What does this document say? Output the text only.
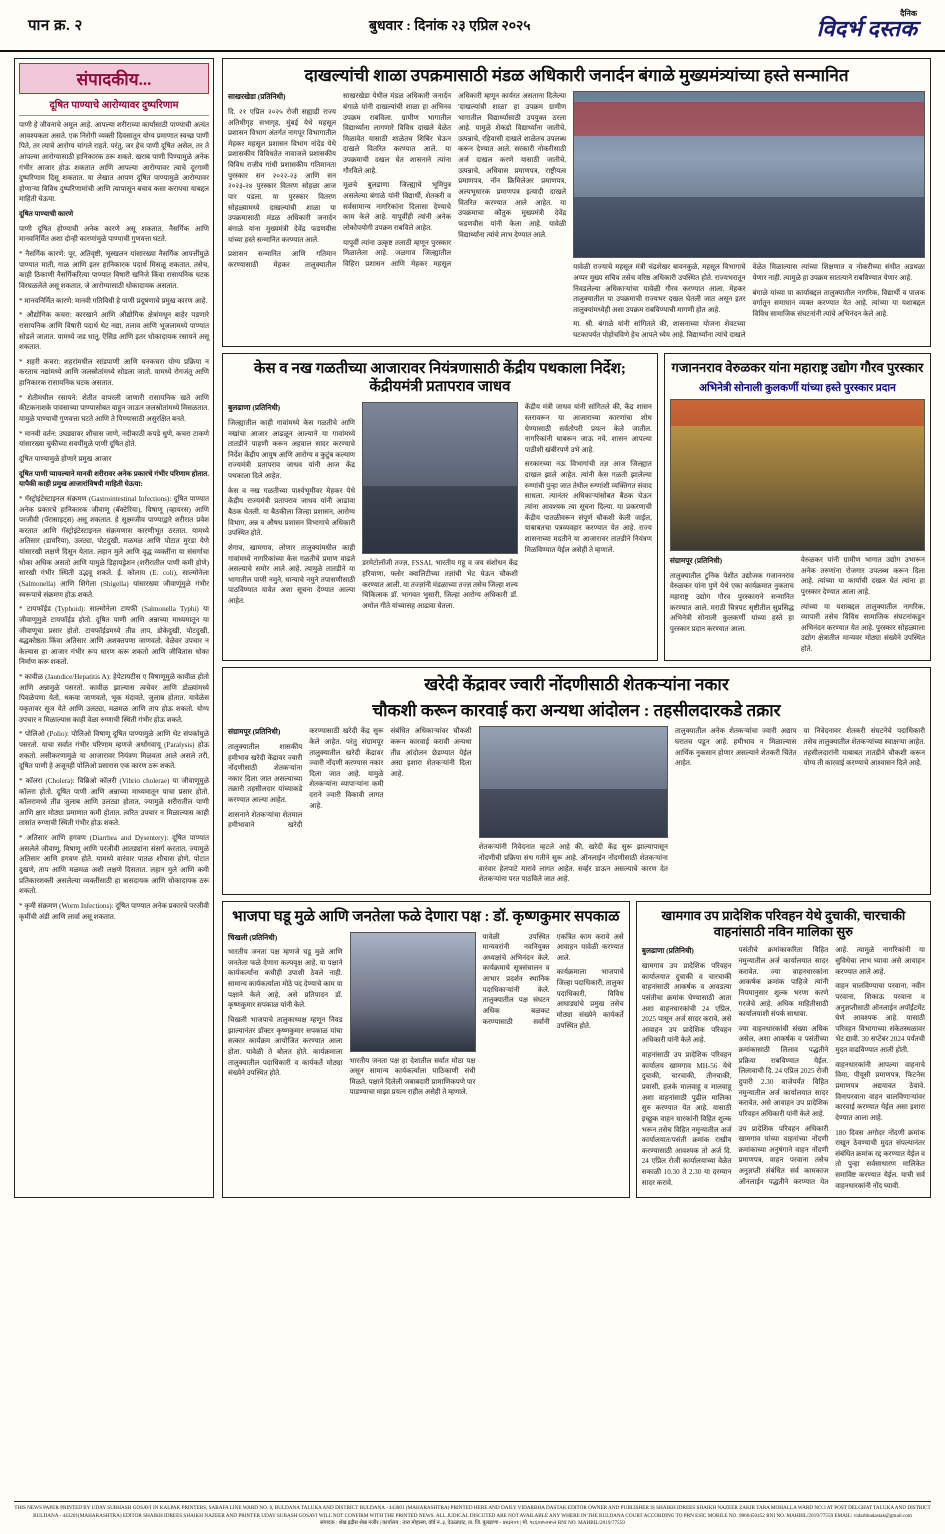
पान क्र. २	बुधवार : दिनांक २३ एप्रिल २०२५
दैनिक
विदर्भ दस्तक
संपादकीय...
दूषित पाण्याचे आरोग्यावर दुष्परिणाम

पाणी हे जीवनाचे अमूल आहे. आपल्या शरीराच्या कार्यांसाठी पाण्याची अत्यंत आवश्यकता असते. एक निरोगी व्यक्ती दिवसातून योग्य प्रमाणात स्वच्छ पाणी पिते, तर त्याचे आरोग्य चांगले राहते. परंतु, जर हेच पाणी दूषित असेल, तर ते आपल्या आरोग्यासाठी हानिकारक ठरू शकते. खराब पाणी पिण्यामुळे अनेक गंभीर आजार होऊ शकतात आणि आपल्या आरोग्यावर त्याचे दूरगामी दुष्परिणाम दिसू शकतात. या लेखात आपण दूषित पाण्यामुळे आरोग्यावर होणाऱ्या विविध दुष्परिणामांची आणि त्यापासून बचाव कसा करायचा याबद्दल माहिती घेऊया.

दूषित पाण्याची कारणे

पाणी दूषित होण्याची अनेक कारणे असू शकतात. नैसर्गिक आणि मानवनिर्मित अशा दोन्ही कारणांमुळे पाण्याची गुणवत्ता घटते.

* नैसर्गिक कारणे: पूर, अतिवृष्टी, भूस्खलन यांसारख्या नैसर्गिक आपत्तींमुळे पाण्यात माती, गाळ आणि इतर हानिकारक पदार्थ मिसळू शकतात. तसेच, काही ठिकाणी नैसर्गिकरित्या पाण्यात विषारी खनिजे किंवा रासायनिक घटक विरघळलेले असू शकतात, जे आरोग्यासाठी धोकादायक असतात.

* मानवनिर्मित कारणे: मानवी गतिविधी हे पाणी प्रदूषणाचे प्रमुख कारण आहे.

* औद्योगिक कचरा: कारखाने आणि औद्योगिक क्षेत्रांमधून बाहेर पडणारे रासायनिक आणि विषारी पदार्थ थेट नद्या, तलाव आणि भूजलामध्ये पाण्यात सोडले जातात. यामध्ये जड धातू, ऍसिड आणि इतर धोकादायक रसायने असू शकतात.

* शहरी कचरा: शहरांमधील सांडपाणी आणि घनकचरा योग्य प्रक्रिया न करताच नद्यांमध्ये आणि जलस्रोतांमध्ये सोडला जातो. यामध्ये रोगजंतू आणि हानिकारक रासायनिक घटक असतात.

* शेतीमधील रसायने: शेतीत वापरली जाणारी रासायनिक खते आणि कीटकनाशके पावसाच्या पाण्यासोबत वाहून जाऊन जलस्रोतांमध्ये मिसळतात. यामुळे पाण्याची गुणवत्ता घटते आणि ते पिण्यासाठी असुरक्षित बनते.

* मानवी वर्तन: उघड्यावर शौचास जाणे, नदीकाठी कपडे धुणे, कचरा टाकणे यांसारख्या चुकीच्या सवयींमुळे पाणी दूषित होते.

दूषित पाण्यामुळे होणारे प्रमुख आजार

दूषित पाणी प्यायल्याने मानवी शरीरावर अनेक प्रकारचे गंभीर परिणाम होतात. यापैकी काही प्रमुख आजारांविषयी माहिती घेऊया:

* गॅस्ट्रोइंटेस्टाइनल संक्रमण (Gastrointestinal Infections): दूषित पाण्यात अनेक प्रकारचे हानिकारक जीवाणू (बॅक्टेरिया), विषाणू (व्हायरस) आणि परजीवी (पॅरासाइट्स) असू शकतात. हे सूक्ष्मजीव पाण्याद्वारे शरीरात प्रवेश करतात आणि गॅस्ट्रोइंटेस्टाइनल संक्रमणास कारणीभूत ठरतात. यामध्ये अतिसार (डायरिया), उलट्या, पोटदुखी, मळमळ आणि पोटात मुरडा येणे यांसारखी लक्षणे दिसून येतात. लहान मुले आणि वृद्ध व्यक्तींना या संसर्गाचा धोका अधिक असतो आणि यामुळे डिहायड्रेशन (शरीरातील पाणी कमी होणे) सारखी गंभीर स्थिती उद्भवू शकते. ई. कोलाय (E. coli), साल्मोनेला (Salmonella) आणि शिगेला (Shigella) यांसारख्या जीवाणूंमुळे गंभीर स्वरूपाचे संक्रमण होऊ शकते.

* टायफॉईड (Typhoid): साल्मोनेला टायफी (Salmonella Typhi) या जीवाणूमुळे टायफॉईड होतो. दूषित पाणी आणि अन्नाच्या माध्यमातून या जीवाणूचा प्रसार होतो. टायफॉईडमध्ये तीव्र ताप, डोकेदुखी, पोटदुखी, बद्धकोष्ठता किंवा अतिसार आणि अशक्तपणा जाणवतो. वेळेवर उपचार न केल्यास हा आजार गंभीर रूप धारण करू शकतो आणि जीवितास धोका निर्माण करू शकतो.

* कावीळ (Jaundice/Hepatitis A): हेपेटायटीस ए विषाणूमुळे कावीळ होतो आणि अन्नामुळे पसरतो. कावीळ झाल्यास त्वचेवर आणि डोळ्यांमध्ये पिवळेपणा येतो, थकवा जाणवतो, भूक मंदावते, जुलाब होतात. यावेळेस यकृतावर सूज येते आणि उलट्या, मळमळ आणि ताप होऊ शकतो. योग्य उपचार न मिळाल्यास काही वेळा रुग्णाची स्थिती गंभीर होऊ शकते.

* पोलिओ (Polio): पोलिओ विषाणू दूषित पाण्यामुळे आणि थेट संपर्कामुळे पसरतो. याचा सर्वात गंभीर परिणाम म्हणजे अर्धांगवायू (Paralysis) होऊ शकतो. लसीकरणामुळे या आजारावर नियंत्रण मिळवता आले असले तरी, दूषित पाणी हे अजूनही पोलिओ प्रसारास एक कारण ठरू शकते.

* कॉलरा (Cholera): विब्रिओ कॉलरी (Vibrio cholerae) या जीवाणूमुळे कॉलरा होतो. दूषित पाणी आणि अन्नाच्या माध्यमातून याचा प्रसार होतो. कॉलरामध्ये तीव्र जुलाब आणि उलट्या होतात, ज्यामुळे शरीरातील पाणी आणि क्षार मोठ्या प्रमाणात कमी होतात. त्वरित उपचार न मिळाल्यास काही तासांत रुग्णाची स्थिती गंभीर होऊ शकते.

* अतिसार आणि हगवण (Diarrhea and Dysentery): दूषित पाण्यात असलेले जीवाणू, विषाणू आणि परजीवी आतड्यांना संसर्ग करतात, ज्यामुळे अतिसार आणि हगवण होते. यामध्ये वारंवार पातळ शौचास होणे, पोटात दुखणे, ताप आणि मळमळ अशी लक्षणे दिसतात. लहान मुले आणि कमी प्रतिकारशक्ती असलेल्या व्यक्तींसाठी हा त्रासदायक आणि धोकादायक ठरू शकतो.

* कृमी संक्रमण (Worm Infections): दूषित पाण्यात अनेक प्रकारचे परजीवी कृमींची अंडी आणि लार्वा असू शकतात.

दाखल्यांची शाळा उपक्रमासाठी मंडळ अधिकारी जनार्दन बंगाळे मुख्यमंत्र्यांच्या हस्ते सन्मानित

साखरखेडा (प्रतिनिधी)

दि. २१ एप्रिल २०२५ रोजी सह्याद्री राज्य अतिथीगृह सभागृह, मुंबई येथे महसूल प्रशासन विभाग अंतर्गत नागपूर विभागातील मेहकर महसूल प्रशासन विभाग नांदेड येथे प्रशासकीय विविधतेत नावाजले प्रशासकीय विविध राजीव गांधी प्रशासकीय गतिमानता पुरस्कार सन २०२२-२३ आणि सन २०२३-२४ पुरस्कार वितरण सोहळा आज पार पडला. या पुरस्कार वितरण सोहळ्यामध्ये दाखल्यांची शाळा या उपक्रमासाठी मंडळ अधिकारी जनार्दन बंगाळे यांना मुख्यमंत्री देवेंद्र फडणवीस यांच्या हस्ते सन्मानित करण्यात आले.

प्रशासन सन्मानित आणि गतिमान करण्यासाठी मेहकर तालुक्यातील साखरखेडा येथील मंडळ अधिकारी जनार्दन बंगाळे यांनी दाखल्यांची शाळा हा अभिनव उपक्रम राबविला. ग्रामीण भागातील विद्यार्थ्यांना लागणारे विविध दाखले वेळेत मिळावेत यासाठी शाळेतच शिबिर घेऊन दाखले वितरित करण्यात आले. या उपक्रमाची दखल घेत शासनाने त्यांना गौरविले आहे.

मूळचे बुलढाणा जिल्ह्याचे भूमिपुत्र असलेल्या बंगाळे यांनी विद्यार्थी, शेतकरी व सर्वसामान्य नागरिकांना दिलासा देण्याचे काम केले आहे. यापूर्वीही त्यांनी अनेक लोकोपयोगी उपक्रम राबविले आहेत.

यापूर्वी त्यांना उत्कृष्ट तलाठी म्हणून पुरस्कार मिळालेला आहे. जळगाव जिल्ह्यातील विहिरा प्रशासन आणि मेहकर महसूल अधिकारी म्हणून कार्यरत असताना दिलेल्या 'दाखल्यांची शाळा' हा उपक्रम ग्रामीण भागातील विद्यार्थ्यांसाठी उपयुक्त ठरला आहे. यामुळे शेकडो विद्यार्थ्यांना जातीचे, उत्पन्नाचे, रहिवासी दाखले शाळेतच उपलब्ध करून देण्यात आले. सरकारी नोकरीसाठी अर्ज दाखल करणे यासाठी जातीचे, उत्पन्नाचे, अधिवास प्रमाणपत्र, राष्ट्रीयत्व प्रमाणपत्र, नॉन क्रिमिलेअर प्रमाणपत्र, अल्पभूधारक प्रमाणपत्र इत्यादी दाखले वितरित करण्यात आले आहेत. या उपक्रमाचा कौतुक मुख्यमंत्री देवेंद्र फडणवीस यांनी केला आहे. यावेळी विद्यार्थ्यांना त्यांचे लाभ देण्यात आले.

यावेळी राज्याचे महसूल मंत्री चंद्रशेखर बावनकुळे, महसूल विभागाचे अप्पर मुख्य सचिव तसेच वरिष्ठ अधिकारी उपस्थित होते. राज्यभरातून निवडलेल्या अधिकाऱ्यांचा यावेळी गौरव करण्यात आला. मेहकर तालुक्यातील या उपक्रमाची राज्यभर दखल घेतली जात असून इतर तालुक्यांमध्येही असा उपक्रम राबविण्याची मागणी होत आहे.

मा. श्री. बंगाळे यांनी सांगितले की, शासनाच्या योजना शेवटच्या घटकापर्यंत पोहोचविणे हेच आपले ध्येय आहे. विद्यार्थ्यांना त्यांचे दाखले वेळेत मिळाल्यास त्यांच्या शिक्षणात व नोकरीच्या संधीत अडथळा येणार नाही. त्यामुळे हा उपक्रम सातत्याने राबविण्यात येणार आहे.

बंगाळे यांच्या या कार्याबद्दल तालुक्यातील नागरिक, विद्यार्थी व पालक वर्गातून समाधान व्यक्त करण्यात येत आहे. त्यांच्या या यशाबद्दल विविध सामाजिक संघटनांनी त्यांचे अभिनंदन केले आहे.

केस व नख गळतीच्या आजारावर नियंत्रणासाठी केंद्रीय पथकाला निर्देश; केंद्रीयमंत्री प्रतापराव जाधव

बुलढाणा (प्रतिनिधी)

जिल्ह्यातील काही गावांमध्ये केस गळतीचे आणि नखांचा आजार आढळून आल्याने या गावांमध्ये तातडीने पाहणी करून अहवाल सादर करण्याचे निर्देश केंद्रीय आयुष आणि आरोग्य व कुटुंब कल्याण राज्यमंत्री प्रतापराव जाधव यांनी आज केंद्र पथकाला दिले आहेत.

केस व नख गळतीच्या पार्श्वभूमीवर मेहकर येथे केंद्रीय राज्यमंत्री प्रतापराव जाधव यांनी आढावा बैठक घेतली. या बैठकीला जिल्हा प्रशासन, आरोग्य विभाग, अन्न व औषध प्रशासन विभागाचे अधिकारी उपस्थित होते.

शेगाव, खामगाव, लोणार तालुक्यांमधील काही गावांमध्ये नागरिकांच्या केस गळतीचे प्रमाण वाढले असल्याचे समोर आले आहे. त्यामुळे तातडीने या भागातील पाणी नमुने, धान्याचे नमुने तपासणीसाठी पाठविण्यात यावेत अशा सूचना देण्यात आल्या आहेत.

डरमेटोलॉजी तज्ज्ञ, FSSAI, भारतीय गहू व जव संशोधन केंद्र हरियाणा, फ्लोर क्वालिटीच्या तज्ञांची भेट घेऊन चौकशी करण्यात आली. या तज्ज्ञांनी मंडळाच्या तज्ज्ञ तसेच जिल्हा शल्य चिकित्सक डॉ. भागवत भुसारी, जिल्हा आरोग्य अधिकारी डॉ. अमोल गीते यांच्यासह आढावा घेतला.

केंद्रीय मंत्री जाधव यांनी सांगितले की, केंद्र शासन स्तरावरून या आजाराच्या कारणांचा शोध घेण्यासाठी सर्वतोपरी प्रयत्न केले जातील. नागरिकांनी घाबरून जाऊ नये. शासन आपल्या पाठीशी खंबीरपणे उभे आहे.

सरकारच्या नऊ विभागांची तज्ञ आज जिल्ह्यात दाखल झाले आहेत. त्यांनी केस गळती झालेल्या रुग्णांची पुन्हा जात तेथील रुग्णांशी व्यक्तिगत संवाद साधला. त्यानंतर अधिकाऱ्यांसोबत बैठक घेऊन त्यांना आवश्यक त्या सूचना दिल्या. या प्रकरणाची केंद्रीय पातळीवरून संपूर्ण चौकशी केली जाईल, याबाबतचा पत्रव्यवहार करण्यात येत आहे. राज्य शासनाच्या मदतीने या आजारावर तातडीने नियंत्रण मिळविण्यात येईल असेही ते म्हणाले.

गजाननराव वेरुळकर यांना महाराष्ट्र उद्योग गौरव पुरस्कार
अभिनेत्री सोनाली कुलकर्णी यांच्या हस्ते पुरस्कार प्रदान

संग्रामपूर (प्रतिनिधी)

तालुक्यातील टुनिक पेशीत उद्योजक गजाननराव वेरुळकर यांना पुणे येथे एका कार्यक्रमात नुकताच महाराष्ट्र उद्योग गौरव पुरस्काराने सन्मानित करण्यात आले. मराठी चित्रपट सृष्टीतील सुप्रसिद्ध अभिनेत्री सोनाली कुलकर्णी यांच्या हस्ते हा पुरस्कार प्रदान करण्यात आला.

वेरुळकर यांनी ग्रामीण भागात उद्योग उभारून अनेक तरुणांना रोजगार उपलब्ध करून दिला आहे. त्यांच्या या कार्याची दखल घेत त्यांना हा पुरस्कार देण्यात आला आहे.

त्यांच्या या यशाबद्दल तालुक्यातील नागरिक, व्यापारी तसेच विविध सामाजिक संघटनांकडून अभिनंदन करण्यात येत आहे. पुरस्कार सोहळ्याला उद्योग क्षेत्रातील मान्यवर मोठ्या संख्येने उपस्थित होते.

खरेदी केंद्रावर ज्वारी नोंदणीसाठी शेतकऱ्यांना नकार
चौकशी करून कारवाई करा अन्यथा आंदोलन : तहसीलदारकडे तक्रार

संग्रामपूर (प्रतिनिधी)

तालुक्यातील शासकीय हमीभाव खरेदी केंद्रावर ज्वारी नोंदणीसाठी शेतकऱ्यांना नकार दिला जात असल्याच्या तक्रारी तहसीलदार यांच्याकडे करण्यात आल्या आहेत.

शासनाने शेतकऱ्यांचा शेतमाल हमीभावाने खरेदी करण्यासाठी खरेदी केंद्र सुरू केले आहेत. परंतु संग्रामपूर तालुक्यातील खरेदी केंद्रावर ज्वारी नोंदणी करण्यास नकार दिला जात आहे. यामुळे शेतकऱ्यांना व्यापाऱ्यांना कमी दराने ज्वारी विकावी लागत आहे.

संबंधित अधिकाऱ्यांवर चौकशी करून कारवाई करावी अन्यथा तीव्र आंदोलन छेडण्यात येईल असा इशारा शेतकऱ्यांनी दिला आहे.

शेतकऱ्यांनी निवेदनात म्हटले आहे की, खरेदी केंद्र सुरू झाल्यापासून नोंदणीची प्रक्रिया संथ गतीने सुरू आहे. ऑनलाईन नोंदणीसाठी शेतकऱ्यांना वारंवार हेलपाटे मारावे लागत आहेत. सर्व्हर डाऊन असल्याचे कारण देत शेतकऱ्यांना परत पाठविले जात आहे.

तालुक्यातील अनेक शेतकऱ्यांचा ज्वारी अद्याप घरातच पडून आहे. हमीभाव न मिळाल्यास आर्थिक नुकसान होणार असल्याने शेतकरी चिंतेत आहेत.

या निवेदनावर शेतकरी संघटनेचे पदाधिकारी तसेच तालुक्यातील शेतकऱ्यांच्या स्वाक्षऱ्या आहेत. तहसीलदारांनी याबाबत तातडीने चौकशी करून योग्य ती कारवाई करण्याचे आश्वासन दिले आहे.

भाजपा घडू मुळे आणि जनतेला फळे देणारा पक्ष : डॉ. कृष्णकुमार सपकाळ

चिखली (प्रतिनिधी)

भारतीय जनता पक्ष म्हणजे घडू मुळे आणि जनतेला फळे देणारा कल्पवृक्ष आहे. या पक्षाने कार्यकर्त्यांना कधीही उपाशी ठेवले नाही. सामान्य कार्यकर्त्याला मोठे पद देण्याचे काम या पक्षाने केले आहे, असे प्रतिपादन डॉ. कृष्णकुमार सपकाळ यांनी केले.

चिखली भाजपाचे तालुकाध्यक्ष म्हणून निवड झाल्यानंतर डॉक्टर कृष्णकुमार सपकाळ यांचा सत्कार कार्यक्रम आयोजित करण्यात आला होता. यावेळी ते बोलत होते. कार्यक्रमाला तालुक्यातील पदाधिकारी व कार्यकर्ते मोठ्या संख्येने उपस्थित होते.

भारतीय जनता पक्ष हा देशातील सर्वात मोठा पक्ष असून सामान्य कार्यकर्त्याला याठिकाणी संधी मिळते. पक्षाने दिलेली जबाबदारी प्रामाणिकपणे पार पाडण्याचा माझा प्रयत्न राहील असेही ते म्हणाले.

यावेळी उपस्थित मान्यवरांनी नवनियुक्त अध्यक्षांचे अभिनंदन केले. कार्यक्रमाचे सूत्रसंचालन व आभार प्रदर्शन स्थानिक पदाधिकाऱ्यांनी केले. तालुक्यातील पक्ष संघटन अधिक बळकट करण्यासाठी सर्वांनी एकत्रित काम करावे असे आवाहन यावेळी करण्यात आले.

कार्यक्रमाला भाजपाचे जिल्हा पदाधिकारी, तालुका पदाधिकारी, विविध आघाड्यांचे प्रमुख तसेच मोठ्या संख्येने कार्यकर्ते उपस्थित होते.

खामगाव उप प्रादेशिक परिवहन येथे दुचाकी, चारचाकी वाहनांसाठी नविन मालिका सुरु

बुलढाणा (प्रतिनिधी)

खामगाव उप प्रादेशिक परिवहन कार्यालयात दुचाकी व चारचाकी वाहनांसाठी आकर्षक व आवडत्या पसंतीचा क्रमांक घेण्यासाठी आता अशा वाहनधारकांची 24 एप्रिल, 2025 पासून अर्ज सादर करावे, असे आवाहन उप प्रादेशिक परिवहन अधिकारी यांनी केले आहे.

वाहनांसाठी उप प्रादेशिक परिवहन कार्यालय खामगाव MH-56 येथे दुचाकी, चारचाकी, तीनचाकी, प्रवासी, हलके मालवाहू व मालवाहू अशा वाहनांसाठी पुढील मालिका सुरु करण्यात येत आहे. यासाठी इच्छुक वाहन धारकांनी विहित शुल्क भरून तसेच विहित नमुन्यातील अर्ज कार्यालयात/पसंती क्रमांक राखीव करण्यासाठी आवश्यक तो अर्ज दि. 24 एप्रिल रोजी कार्यालयाच्या वेळेत सकाळी 10.30 ते 2.30 या दरम्यान सादर करावे.

पसंतीचे क्रमांकाकरिता विहित नमुन्यातील अर्ज कार्यालयात सादर करावेत. ज्या वाहनधारकांना आकर्षक क्रमांक पाहिजे त्यांनी नियमानुसार शुल्क भरणा करणे गरजेचे आहे. अधिक माहितीसाठी कार्यालयाशी संपर्क साधावा.

ज्या वाहनधारकांची संख्या अधिक असेल, अशा आकर्षक व पसंतीच्या क्रमांकासाठी लिलाव पद्धतीने प्रक्रिया राबविण्यात येईल. लिलावाची दि. 24 एप्रिल 2025 रोजी दुपारी 2.30 वाजेपर्यंत विहित नमुन्यातील अर्ज कार्यालयात सादर करावेत, असे आवाहन उप प्रादेशिक परिवहन अधिकारी यांनी केले आहे.

उप प्रादेशिक परिवहन अधिकारी खामगाव यांच्या वाहनांच्या नोंदणी क्रमांकाच्या अनुषंगाने वाहन नोंदणी प्रमाणपत्र, वाहन परवाना तसेच अनुज्ञप्ती संबंधित सर्व कामकाज ऑनलाईन पद्धतीने करण्यात येत आहे. त्यामुळे नागरिकांनी या सुविधेचा लाभ घ्यावा असे आवाहन करण्यात आले आहे.

वाहन चालविण्याचा परवाना, नवीन परवाना, शिकाऊ परवाना व अनुज्ञप्तीसाठी ऑनलाईन अपॉईंटमेंट घेणे आवश्यक आहे. यासाठी परिवहन विभागाच्या संकेतस्थळावर भेट द्यावी. 30 सप्टेंबर 2024 पर्यंतची मुदत वाढविण्यात आली होती.

वाहनधारकांनी आपल्या वाहनाचे विमा, पीयूसी प्रमाणपत्र, फिटनेस प्रमाणपत्र अद्ययावत ठेवावे. विनापरवाना वाहन चालविणाऱ्यांवर कारवाई करण्यात येईल असा इशारा देण्यात आला आहे.

180 दिवस अगोदर नोंदणी क्रमांक राखून ठेवण्याची मुदत संपल्यानंतर संबंधित क्रमांक रद्द करण्यात येईल व तो पुन्हा सर्वसाधारण मालिकेत समाविष्ट करण्यात येईल. याची सर्व वाहनधारकांनी नोंद घ्यावी.

THIS NEWS PAPER PRINTED BY UDAY SUBHASH GOSAVI IN KALPAK PRINTERS, SARAFA LINE WARD NO. 8, BULDANA TALUKA AND DISTRICT BULDANA - 443001 (MAHARASHTRA) PRINTED HERE AND DAILY VIDARBHA DASTAK EDITOR OWNER AND PUBLISHER IS SHAIKH IDREES SHAIKH NAZEER ZAKIR TARA MOHALLA WARD NO.3 AT POST DELGHAT TALUKA AND DISTRICT BULDANA - 443201(MAHARASHTRA) EDITOR SHAIKH IDREES SHAIKH NAZEER AND PRINTER UDAY SUBASH GOSAVI WILL NOT CONFIRM WITH THE PRINTED NEWS. ALL JUDICAL DISCUTED ARE NOT AVAILABLE ANY WHERE IN THE BULDANA COURT ACCORDING TO PRN ESIC MOBILE NO. 9860450452 RNI NO. MAHBIL/2019/77559 EMAIL: vidarbhadastak@gmail.com

संपादक : शेख इद्रीस शेख नजीर | कार्यालय : तारा मोहल्ला, वॉर्ड नं. ३, देऊळघाट, ता. जि. बुलढाणा - ४४३२०१ | मो. ९८६०४५०४५२ RNI NO. MAHBIL/2019/77559
